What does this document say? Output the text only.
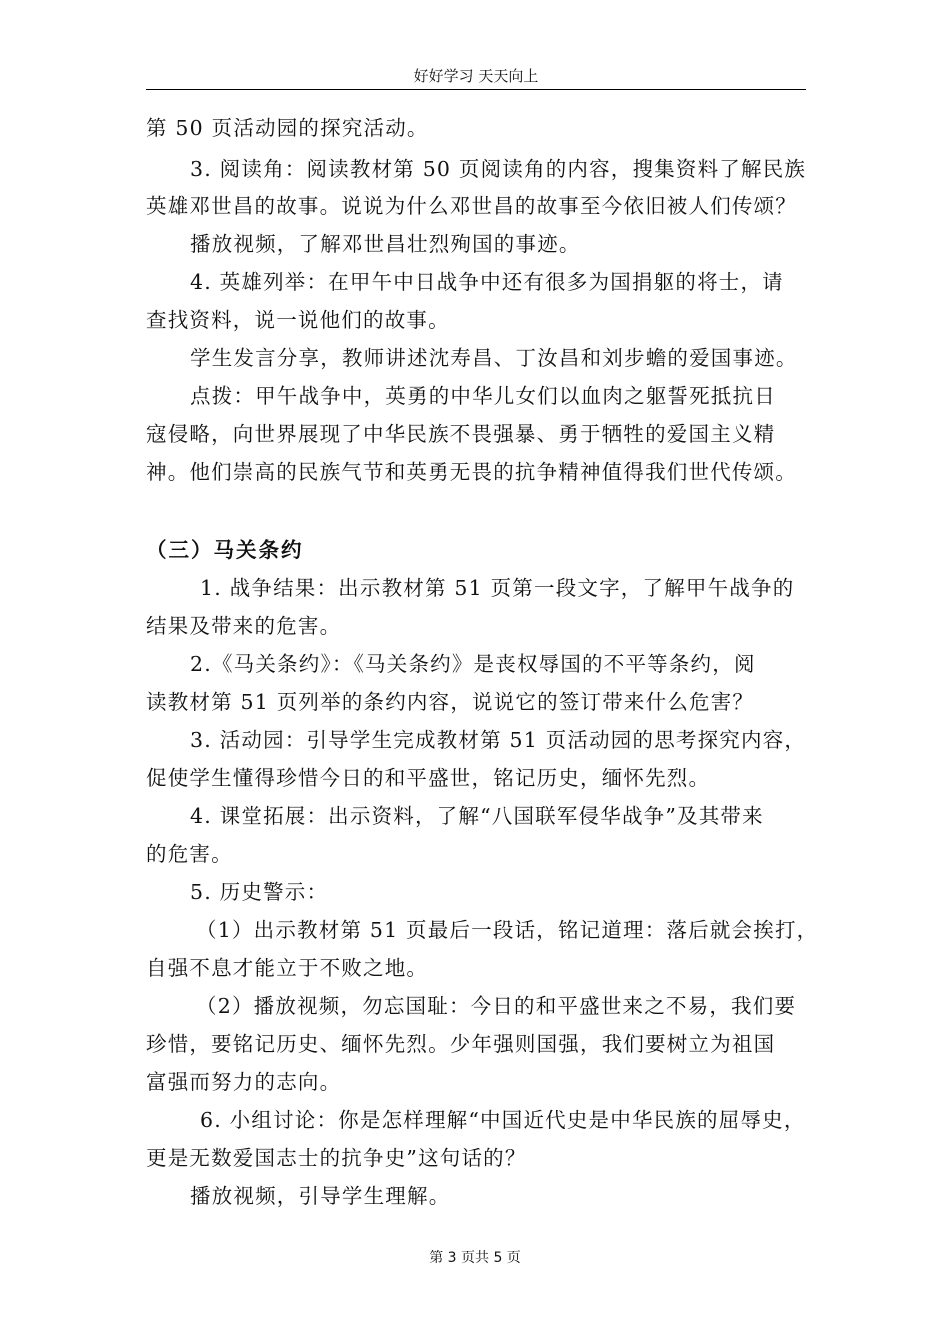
好好学习 天天向上
第 50 页活动园的探究活动。
3. 阅读角：阅读教材第 50 页阅读角的内容，搜集资料了解民族
英雄邓世昌的故事。说说为什么邓世昌的故事至今依旧被人们传颂？
播放视频，了解邓世昌壮烈殉国的事迹。
4. 英雄列举：在甲午中日战争中还有很多为国捐躯的将士，请
查找资料，说一说他们的故事。
学生发言分享，教师讲述沈寿昌、丁汝昌和刘步蟾的爱国事迹。
点拨：甲午战争中，英勇的中华儿女们以血肉之躯誓死抵抗日
寇侵略，向世界展现了中华民族不畏强暴、勇于牺牲的爱国主义精
神。他们崇高的民族气节和英勇无畏的抗争精神值得我们世代传颂。
（三）马关条约
1. 战争结果：出示教材第 51 页第一段文字，了解甲午战争的
结果及带来的危害。
2.《马关条约》：《马关条约》是丧权辱国的不平等条约，阅
读教材第 51 页列举的条约内容，说说它的签订带来什么危害？
3. 活动园：引导学生完成教材第 51 页活动园的思考探究内容，
促使学生懂得珍惜今日的和平盛世，铭记历史，缅怀先烈。
4. 课堂拓展：出示资料，了解“八国联军侵华战争”及其带来
的危害。
5. 历史警示：
（1）出示教材第 51 页最后一段话，铭记道理：落后就会挨打，
自强不息才能立于不败之地。
（2）播放视频，勿忘国耻：今日的和平盛世来之不易，我们要
珍惜，要铭记历史、缅怀先烈。少年强则国强，我们要树立为祖国
富强而努力的志向。
6. 小组讨论：你是怎样理解“中国近代史是中华民族的屈辱史，
更是无数爱国志士的抗争史”这句话的？
播放视频，引导学生理解。
第 3 页共 5 页
